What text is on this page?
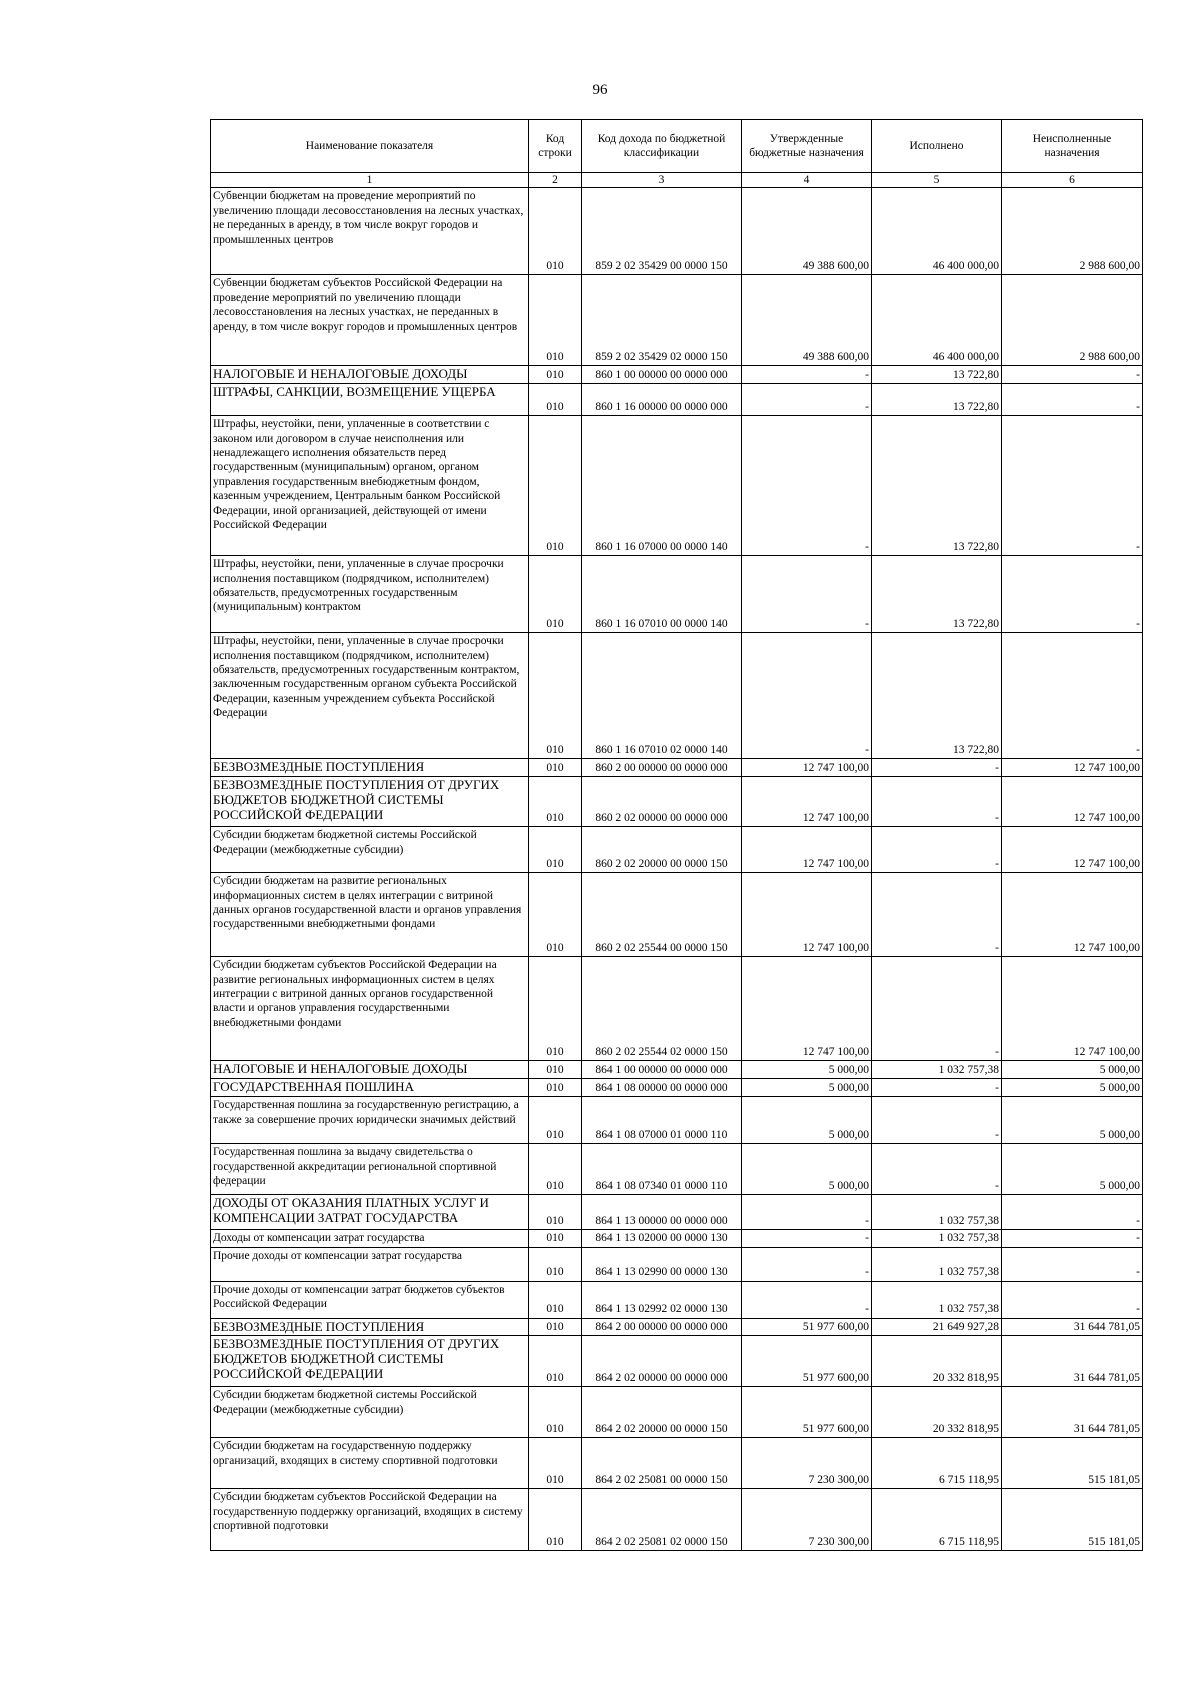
96
Наименование показателя	Код строки	Код дохода по бюджетной классификации	Утвержденные бюджетные назначения	Исполнено	Неисполненные назначения
1	2	3	4	5	6
Субвенции бюджетам на проведение мероприятий по увеличению площади лесовосстановления на лесных участках, не переданных в аренду, в том числе вокруг городов и промышленных центров	010	859 2 02 35429 00 0000 150	49 388 600,00	46 400 000,00	2 988 600,00
Субвенции бюджетам субъектов Российской Федерации на проведение мероприятий по увеличению площади лесовосстановления на лесных участках, не переданных в аренду, в том числе вокруг городов и промышленных центров	010	859 2 02 35429 02 0000 150	49 388 600,00	46 400 000,00	2 988 600,00
НАЛОГОВЫЕ И НЕНАЛОГОВЫЕ ДОХОДЫ	010	860 1 00 00000 00 0000 000	-	13 722,80	-
ШТРАФЫ, САНКЦИИ, ВОЗМЕЩЕНИЕ УЩЕРБА	010	860 1 16 00000 00 0000 000	-	13 722,80	-
Штрафы, неустойки, пени, уплаченные в соответствии с законом или договором в случае неисполнения или ненадлежащего исполнения обязательств перед государственным (муниципальным) органом, органом управления государственным внебюджетным фондом, казенным учреждением, Центральным банком Российской Федерации, иной организацией, действующей от имени Российской Федерации	010	860 1 16 07000 00 0000 140	-	13 722,80	-
Штрафы, неустойки, пени, уплаченные в случае просрочки исполнения поставщиком (подрядчиком, исполнителем) обязательств, предусмотренных государственным (муниципальным) контрактом	010	860 1 16 07010 00 0000 140	-	13 722,80	-
Штрафы, неустойки, пени, уплаченные в случае просрочки исполнения поставщиком (подрядчиком, исполнителем) обязательств, предусмотренных государственным контрактом, заключенным государственным органом субъекта Российской Федерации, казенным учреждением субъекта Российской Федерации	010	860 1 16 07010 02 0000 140	-	13 722,80	-
БЕЗВОЗМЕЗДНЫЕ ПОСТУПЛЕНИЯ	010	860 2 00 00000 00 0000 000	12 747 100,00	-	12 747 100,00
БЕЗВОЗМЕЗДНЫЕ ПОСТУПЛЕНИЯ ОТ ДРУГИХ БЮДЖЕТОВ БЮДЖЕТНОЙ СИСТЕМЫ РОССИЙСКОЙ ФЕДЕРАЦИИ	010	860 2 02 00000 00 0000 000	12 747 100,00	-	12 747 100,00
Субсидии бюджетам бюджетной системы Российской Федерации (межбюджетные субсидии)	010	860 2 02 20000 00 0000 150	12 747 100,00	-	12 747 100,00
Субсидии бюджетам на развитие региональных информационных систем в целях интеграции с витриной данных органов государственной власти и органов управления государственными внебюджетными фондами	010	860 2 02 25544 00 0000 150	12 747 100,00	-	12 747 100,00
Субсидии бюджетам субъектов Российской Федерации на развитие региональных информационных систем в целях интеграции с витриной данных органов государственной власти и органов управления государственными внебюджетными фондами	010	860 2 02 25544 02 0000 150	12 747 100,00	-	12 747 100,00
НАЛОГОВЫЕ И НЕНАЛОГОВЫЕ ДОХОДЫ	010	864 1 00 00000 00 0000 000	5 000,00	1 032 757,38	5 000,00
ГОСУДАРСТВЕННАЯ ПОШЛИНА	010	864 1 08 00000 00 0000 000	5 000,00	-	5 000,00
Государственная пошлина за государственную регистрацию, а также за совершение прочих юридически значимых действий	010	864 1 08 07000 01 0000 110	5 000,00	-	5 000,00
Государственная пошлина за выдачу свидетельства о государственной аккредитации региональной спортивной федерации	010	864 1 08 07340 01 0000 110	5 000,00	-	5 000,00
ДОХОДЫ ОТ ОКАЗАНИЯ ПЛАТНЫХ УСЛУГ И КОМПЕНСАЦИИ ЗАТРАТ ГОСУДАРСТВА	010	864 1 13 00000 00 0000 000	-	1 032 757,38	-
Доходы от компенсации затрат государства	010	864 1 13 02000 00 0000 130	-	1 032 757,38	-
Прочие доходы от компенсации затрат государства	010	864 1 13 02990 00 0000 130	-	1 032 757,38	-
Прочие доходы от компенсации затрат бюджетов субъектов Российской Федерации	010	864 1 13 02992 02 0000 130	-	1 032 757,38	-
БЕЗВОЗМЕЗДНЫЕ ПОСТУПЛЕНИЯ	010	864 2 00 00000 00 0000 000	51 977 600,00	21 649 927,28	31 644 781,05
БЕЗВОЗМЕЗДНЫЕ ПОСТУПЛЕНИЯ ОТ ДРУГИХ БЮДЖЕТОВ БЮДЖЕТНОЙ СИСТЕМЫ РОССИЙСКОЙ ФЕДЕРАЦИИ	010	864 2 02 00000 00 0000 000	51 977 600,00	20 332 818,95	31 644 781,05
Субсидии бюджетам бюджетной системы Российской Федерации (межбюджетные субсидии)	010	864 2 02 20000 00 0000 150	51 977 600,00	20 332 818,95	31 644 781,05
Субсидии бюджетам на государственную поддержку организаций, входящих в систему спортивной подготовки	010	864 2 02 25081 00 0000 150	7 230 300,00	6 715 118,95	515 181,05
Субсидии бюджетам субъектов Российской Федерации на государственную поддержку организаций, входящих в систему спортивной подготовки	010	864 2 02 25081 02 0000 150	7 230 300,00	6 715 118,95	515 181,05
